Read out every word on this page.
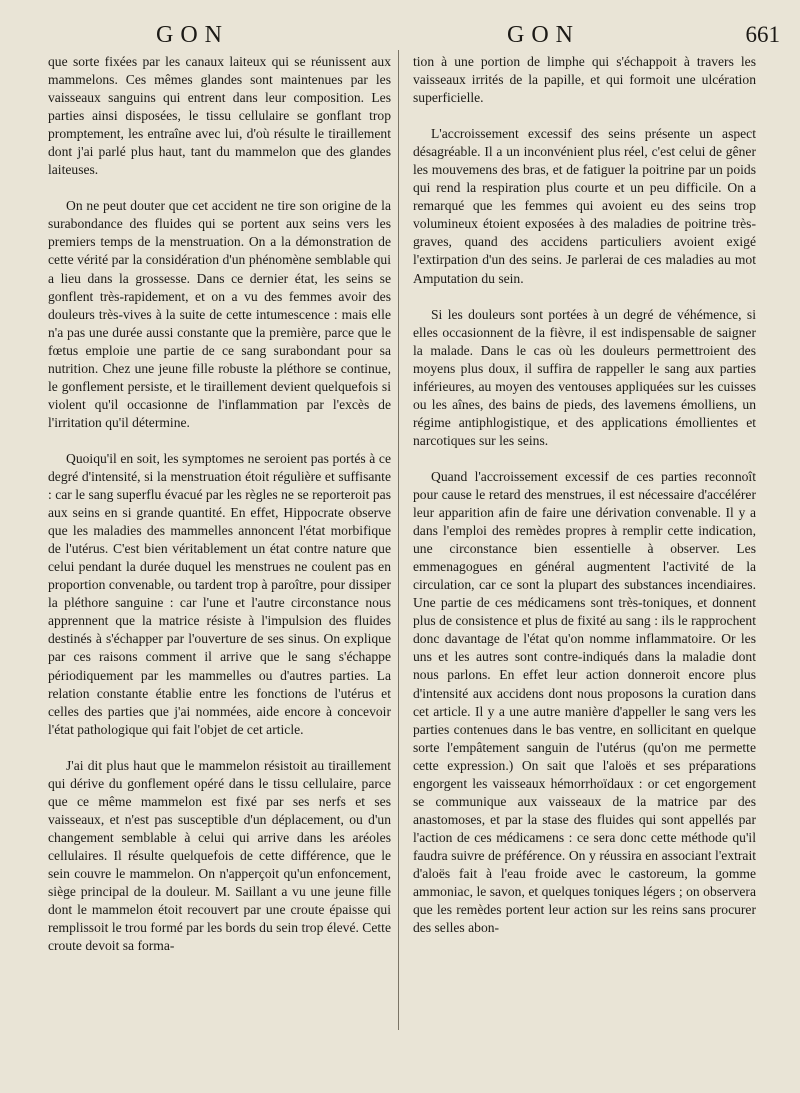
GON	GON	661

que sorte fixées par les canaux laiteux qui se réunissent aux mammelons. Ces mêmes glandes sont maintenues par les vaisseaux sanguins qui entrent dans leur composition. Les parties ainsi disposées, le tissu cellulaire se gonflant trop promptement, les entraîne avec lui, d'où résulte le tiraillement dont j'ai parlé plus haut, tant du mammelon que des glandes laiteuses.

On ne peut douter que cet accident ne tire son origine de la surabondance des fluides qui se portent aux seins vers les premiers temps de la menstruation. On a la démonstration de cette vérité par la considération d'un phénomène semblable qui a lieu dans la grossesse. Dans ce dernier état, les seins se gonflent très-rapidement, et on a vu des femmes avoir des douleurs très-vives à la suite de cette intumescence : mais elle n'a pas une durée aussi constante que la première, parce que le fœtus emploie une partie de ce sang surabondant pour sa nutrition. Chez une jeune fille robuste la pléthore se continue, le gonflement persiste, et le tiraillement devient quelquefois si violent qu'il occasionne de l'inflammation par l'excès de l'irritation qu'il détermine.

Quoiqu'il en soit, les symptomes ne seroient pas portés à ce degré d'intensité, si la menstruation étoit régulière et suffisante : car le sang superflu évacué par les règles ne se reporteroit pas aux seins en si grande quantité. En effet, Hippocrate observe que les maladies des mammelles annoncent l'état morbifique de l'utérus. C'est bien véritablement un état contre nature que celui pendant la durée duquel les menstrues ne coulent pas en proportion convenable, ou tardent trop à paroître, pour dissiper la pléthore sanguine : car l'une et l'autre circonstance nous apprennent que la matrice résiste à l'impulsion des fluides destinés à s'échapper par l'ouverture de ses sinus. On explique par ces raisons comment il arrive que le sang s'échappe périodiquement par les mammelles ou d'autres parties. La relation constante établie entre les fonctions de l'utérus et celles des parties que j'ai nommées, aide encore à concevoir l'état pathologique qui fait l'objet de cet article.

J'ai dit plus haut que le mammelon résistoit au tiraillement qui dérive du gonflement opéré dans le tissu cellulaire, parce que ce même mammelon est fixé par ses nerfs et ses vaisseaux, et n'est pas susceptible d'un déplacement, ou d'un changement semblable à celui qui arrive dans les aréoles cellulaires. Il résulte quelquefois de cette différence, que le sein couvre le mammelon. On n'apperçoit qu'un enfoncement, siège principal de la douleur. M. Saillant a vu une jeune fille dont le mammelon étoit recouvert par une croute épaisse qui remplissoit le trou formé par les bords du sein trop élevé. Cette croute devoit sa forma-

tion à une portion de limphe qui s'échappoit à travers les vaisseaux irrités de la papille, et qui formoit une ulcération superficielle.

L'accroissement excessif des seins présente un aspect désagréable. Il a un inconvénient plus réel, c'est celui de gêner les mouvemens des bras, et de fatiguer la poitrine par un poids qui rend la respiration plus courte et un peu difficile. On a remarqué que les femmes qui avoient eu des seins trop volumineux étoient exposées à des maladies de poitrine très-graves, quand des accidens particuliers avoient exigé l'extirpation d'un des seins. Je parlerai de ces maladies au mot Amputation du sein.

Si les douleurs sont portées à un degré de véhémence, si elles occasionnent de la fièvre, il est indispensable de saigner la malade. Dans le cas où les douleurs permettroient des moyens plus doux, il suffira de rappeller le sang aux parties inférieures, au moyen des ventouses appliquées sur les cuisses ou les aînes, des bains de pieds, des lavemens émolliens, un régime antiphlogistique, et des applications émollientes et narcotiques sur les seins.

Quand l'accroissement excessif de ces parties reconnoît pour cause le retard des menstrues, il est nécessaire d'accélérer leur apparition afin de faire une dérivation convenable. Il y a dans l'emploi des remèdes propres à remplir cette indication, une circonstance bien essentielle à observer. Les emmenagogues en général augmentent l'activité de la circulation, car ce sont la plupart des substances incendiaires. Une partie de ces médicamens sont très-toniques, et donnent plus de consistence et plus de fixité au sang : ils le rapprochent donc davantage de l'état qu'on nomme inflammatoire. Or les uns et les autres sont contre-indiqués dans la maladie dont nous parlons. En effet leur action donneroit encore plus d'intensité aux accidens dont nous proposons la curation dans cet article. Il y a une autre manière d'appeller le sang vers les parties contenues dans le bas ventre, en sollicitant en quelque sorte l'empâtement sanguin de l'utérus (qu'on me permette cette expression.) On sait que l'aloës et ses préparations engorgent les vaisseaux hémorrhoïdaux : or cet engorgement se communique aux vaisseaux de la matrice par des anastomoses, et par la stase des fluides qui sont appellés par l'action de ces médicamens : ce sera donc cette méthode qu'il faudra suivre de préférence. On y réussira en associant l'extrait d'aloës fait à l'eau froide avec le castoreum, la gomme ammoniac, le savon, et quelques toniques légers ; on observera que les remèdes portent leur action sur les reins sans procurer des selles abon-
